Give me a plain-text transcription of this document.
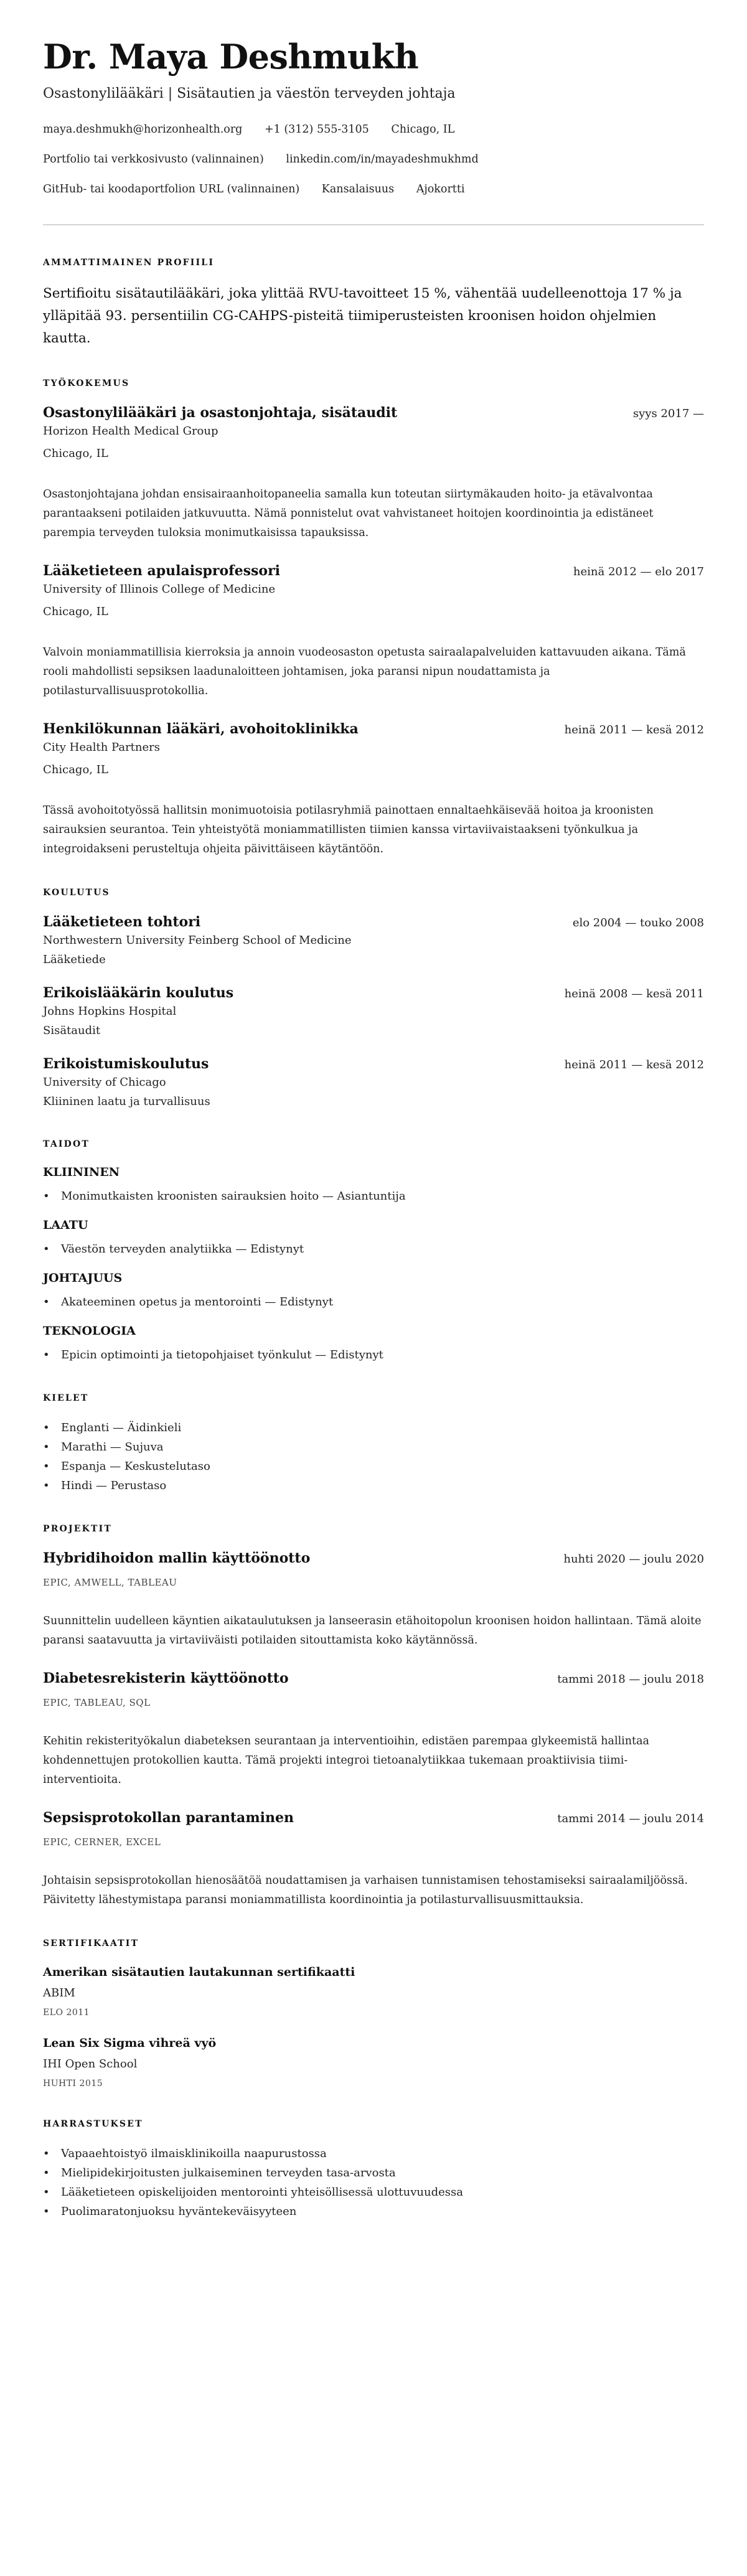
Dr. Maya Deshmukh
Osastonylilääkäri | Sisätautien ja väestön terveyden johtaja
maya.deshmukh@horizonhealth.org +1 (312) 555-3105 Chicago, IL
Portfolio tai verkkosivusto (valinnainen) linkedin.com/in/mayadeshmukhmd
GitHub- tai koodaportfolion URL (valinnainen) Kansalaisuus Ajokortti
AMMATTIMAINEN PROFIILI

Sertifioitu sisätautilääkäri, joka ylittää RVU-tavoitteet 15 %, vähentää uudelleenottoja 17 % ja ylläpitää 93. persentiilin CG-CAHPS-pisteitä tiimiperusteisten kroonisen hoidon ohjelmien kautta.

TYÖKOKEMUS
Osastonylilääkäri ja osastonjohtaja, sisätaudit	syys 2017 —
Horizon Health Medical Group
Chicago, IL
Osastonjohtajana johdan ensisairaanhoitopaneelia samalla kun toteutan siirtymäkauden hoito- ja etävalvontaa parantaakseni potilaiden jatkuvuutta. Nämä ponnistelut ovat vahvistaneet hoitojen koordinointia ja edistäneet parempia terveyden tuloksia monimutkaisissa tapauksissa.
Lääketieteen apulaisprofessori	heinä 2012 — elo 2017
University of Illinois College of Medicine
Chicago, IL
Valvoin moniammatillisia kierroksia ja annoin vuodeosaston opetusta sairaalapalveluiden kattavuuden aikana. Tämä rooli mahdollisti sepsiksen laadunaloitteen johtamisen, joka paransi nipun noudattamista ja potilasturvallisuusprotokollia.
Henkilökunnan lääkäri, avohoitoklinikka	heinä 2011 — kesä 2012
City Health Partners
Chicago, IL
Tässä avohoitotyössä hallitsin monimuotoisia potilasryhmiä painottaen ennaltaehkäisevää hoitoa ja kroonisten sairauksien seurantoa. Tein yhteistyötä moniammatillisten tiimien kanssa virtaviivaistaakseni työnkulkua ja integroidakseni perusteltuja ohjeita päivittäiseen käytäntöön.
KOULUTUS
Lääketieteen tohtori	elo 2004 — touko 2008
Northwestern University Feinberg School of Medicine
Lääketiede
Erikoislääkärin koulutus	heinä 2008 — kesä 2011
Johns Hopkins Hospital
Sisätaudit
Erikoistumiskoulutus	heinä 2011 — kesä 2012
University of Chicago
Kliininen laatu ja turvallisuus
TAIDOT
KLIININEN
• Monimutkaisten kroonisten sairauksien hoito — Asiantuntija
LAATU
• Väestön terveyden analytiikka — Edistynyt
JOHTAJUUS
• Akateeminen opetus ja mentorointi — Edistynyt
TEKNOLOGIA
• Epicin optimointi ja tietopohjaiset työnkulut — Edistynyt
KIELET
• Englanti — Äidinkieli
• Marathi — Sujuva
• Espanja — Keskustelutaso
• Hindi — Perustaso
PROJEKTIT
Hybridihoidon mallin käyttöönotto	huhti 2020 — joulu 2020
EPIC, AMWELL, TABLEAU
Suunnittelin uudelleen käyntien aikataulutuksen ja lanseerasin etähoitopolun kroonisen hoidon hallintaan. Tämä aloite paransi saatavuutta ja virtaviiväisti potilaiden sitouttamista koko käytännössä.
Diabetesrekisterin käyttöönotto	tammi 2018 — joulu 2018
EPIC, TABLEAU, SQL
Kehitin rekisterityökalun diabeteksen seurantaan ja interventioihin, edistäen parempaa glykeemistä hallintaa kohdennettujen protokollien kautta. Tämä projekti integroi tietoanalytiikkaa tukemaan proaktiivisia tiimi-interventioita.
Sepsisprotokollan parantaminen	tammi 2014 — joulu 2014
EPIC, CERNER, EXCEL
Johtaisin sepsisprotokollan hienosäätöä noudattamisen ja varhaisen tunnistamisen tehostamiseksi sairaalamiljöössä. Päivitetty lähestymistapa paransi moniammatillista koordinointia ja potilasturvallisuusmittauksia.
SERTIFIKAATIT
Amerikan sisätautien lautakunnan sertifikaatti
ABIM
ELO 2011
Lean Six Sigma vihreä vyö
IHI Open School
HUHTI 2015
HARRASTUKSET
• Vapaaehtoistyö ilmaisklinikoilla naapurustossa
• Mielipidekirjoitusten julkaiseminen terveyden tasa-arvosta
• Lääketieteen opiskelijoiden mentorointi yhteisöllisessä ulottuvuudessa
• Puolimaratonjuoksu hyväntekeväisyyteen
